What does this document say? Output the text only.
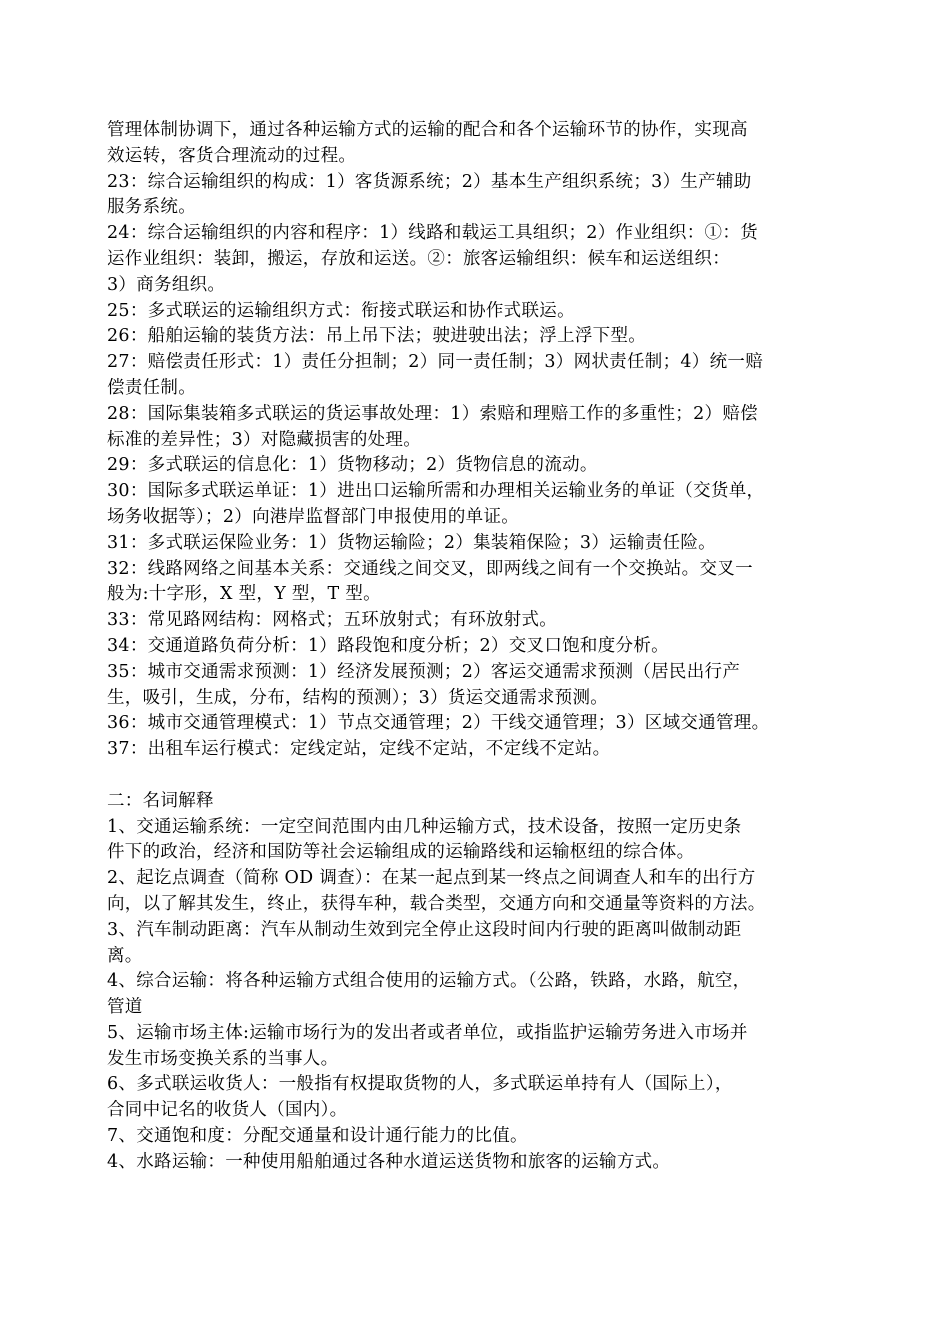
管理体制协调下，通过各种运输方式的运输的配合和各个运输环节的协作，实现高
效运转，客货合理流动的过程。
23：综合运输组织的构成：1）客货源系统；2）基本生产组织系统；3）生产辅助
服务系统。
24：综合运输组织的内容和程序：1）线路和载运工具组织；2）作业组织：①：货
运作业组织：装卸，搬运，存放和运送。②：旅客运输组织：候车和运送组织：
3）商务组织。
25：多式联运的运输组织方式：衔接式联运和协作式联运。
26：船舶运输的装货方法：吊上吊下法；驶进驶出法；浮上浮下型。
27：赔偿责任形式：1）责任分担制；2）同一责任制；3）网状责任制；4）统一赔
偿责任制。
28：国际集装箱多式联运的货运事故处理：1）索赔和理赔工作的多重性；2）赔偿
标准的差异性；3）对隐藏损害的处理。
29：多式联运的信息化：1）货物移动；2）货物信息的流动。
30：国际多式联运单证：1）进出口运输所需和办理相关运输业务的单证（交货单，
场务收据等）；2）向港岸监督部门申报使用的单证。
31：多式联运保险业务：1）货物运输险；2）集装箱保险；3）运输责任险。
32：线路网络之间基本关系：交通线之间交叉，即两线之间有一个交换站。交叉一
般为:十字形，X 型，Y 型，T 型。
33：常见路网结构：网格式；五环放射式；有环放射式。
34：交通道路负荷分析：1）路段饱和度分析；2）交叉口饱和度分析。
35：城市交通需求预测：1）经济发展预测；2）客运交通需求预测（居民出行产
生，吸引，生成，分布，结构的预测）；3）货运交通需求预测。
36：城市交通管理模式：1）节点交通管理；2）干线交通管理；3）区域交通管理。
37：出租车运行模式：定线定站，定线不定站，不定线不定站。
二：名词解释
1、交通运输系统：一定空间范围内由几种运输方式，技术设备，按照一定历史条
件下的政治，经济和国防等社会运输组成的运输路线和运输枢纽的综合体。
2、起讫点调查（简称 OD 调查）：在某一起点到某一终点之间调查人和车的出行方
向，以了解其发生，终止，获得车种，载合类型，交通方向和交通量等资料的方法。
3、汽车制动距离：汽车从制动生效到完全停止这段时间内行驶的距离叫做制动距
离。
4、综合运输：将各种运输方式组合使用的运输方式。（公路，铁路，水路，航空，
管道
5、运输市场主体:运输市场行为的发出者或者单位，或指监护运输劳务进入市场并
发生市场变换关系的当事人。
6、多式联运收货人：一般指有权提取货物的人，多式联运单持有人（国际上），
合同中记名的收货人（国内）。
7、交通饱和度：分配交通量和设计通行能力的比值。
4、水路运输：一种使用船舶通过各种水道运送货物和旅客的运输方式。
